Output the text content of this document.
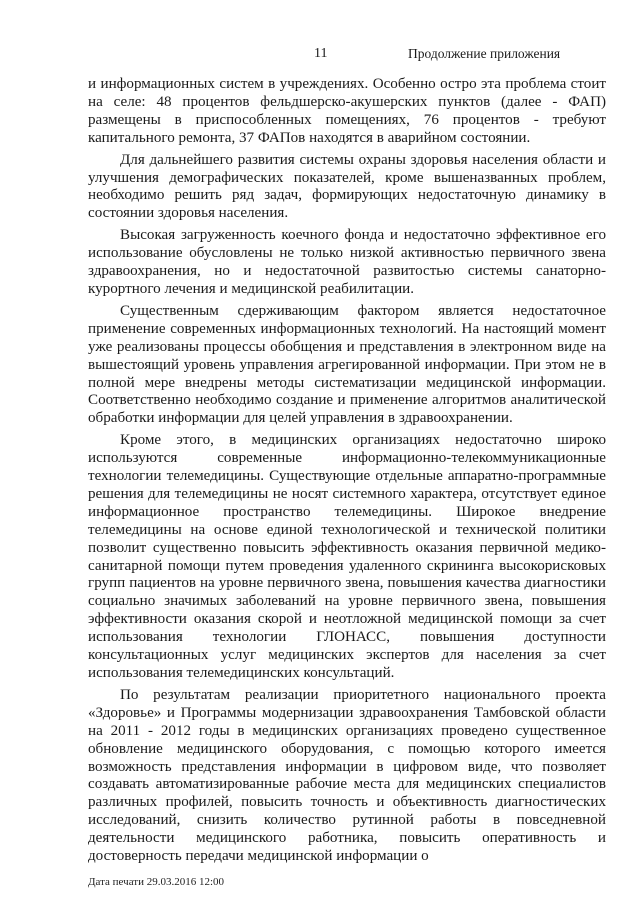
11	Продолжение приложения

и информационных систем в учреждениях. Особенно остро эта проблема стоит на селе: 48 процентов фельдшерско-акушерских пунктов (далее - ФАП) размещены в приспособленных помещениях, 76 процентов - требуют капитального ремонта, 37 ФАПов находятся в аварийном состоянии.

Для дальнейшего развития системы охраны здоровья населения области и улучшения демографических показателей, кроме вышеназванных проблем, необходимо решить ряд задач, формирующих недостаточную динамику в состоянии здоровья населения.

Высокая загруженность коечного фонда и недостаточно эффективное его использование обусловлены не только низкой активностью первичного звена здравоохранения, но и недостаточной развитостью системы санаторно-курортного лечения и медицинской реабилитации.

Существенным сдерживающим фактором является недостаточное применение современных информационных технологий. На настоящий момент уже реализованы процессы обобщения и представления в электронном виде на вышестоящий уровень управления агрегированной информации. При этом не в полной мере внедрены методы систематизации медицинской информации. Соответственно необходимо создание и применение алгоритмов аналитической обработки информации для целей управления в здравоохранении.

Кроме этого, в медицинских организациях недостаточно широко используются современные информационно-телекоммуникационные технологии телемедицины. Существующие отдельные аппаратно-программные решения для телемедицины не носят системного характера, отсутствует единое информационное пространство телемедицины. Широкое внедрение телемедицины на основе единой технологической и технической политики позволит существенно повысить эффективность оказания первичной медико-санитарной помощи путем проведения удаленного скрининга высокорисковых групп пациентов на уровне первичного звена, повышения качества диагностики социально значимых заболеваний на уровне первичного звена, повышения эффективности оказания скорой и неотложной медицинской помощи за счет использования технологии ГЛОНАСС, повышения доступности консультационных услуг медицинских экспертов для населения за счет использования телемедицинских консультаций.

По результатам реализации приоритетного национального проекта «Здоровье» и Программы модернизации здравоохранения Тамбовской области на 2011 - 2012 годы в медицинских организациях проведено существенное обновление медицинского оборудования, с помощью которого имеется возможность представления информации в цифровом виде, что позволяет создавать автоматизированные рабочие места для медицинских специалистов различных профилей, повысить точность и объективность диагностических исследований, снизить количество рутинной работы в повседневной деятельности медицинского работника, повысить оперативность и достоверность передачи медицинской информации о

Дата печати 29.03.2016 12:00
